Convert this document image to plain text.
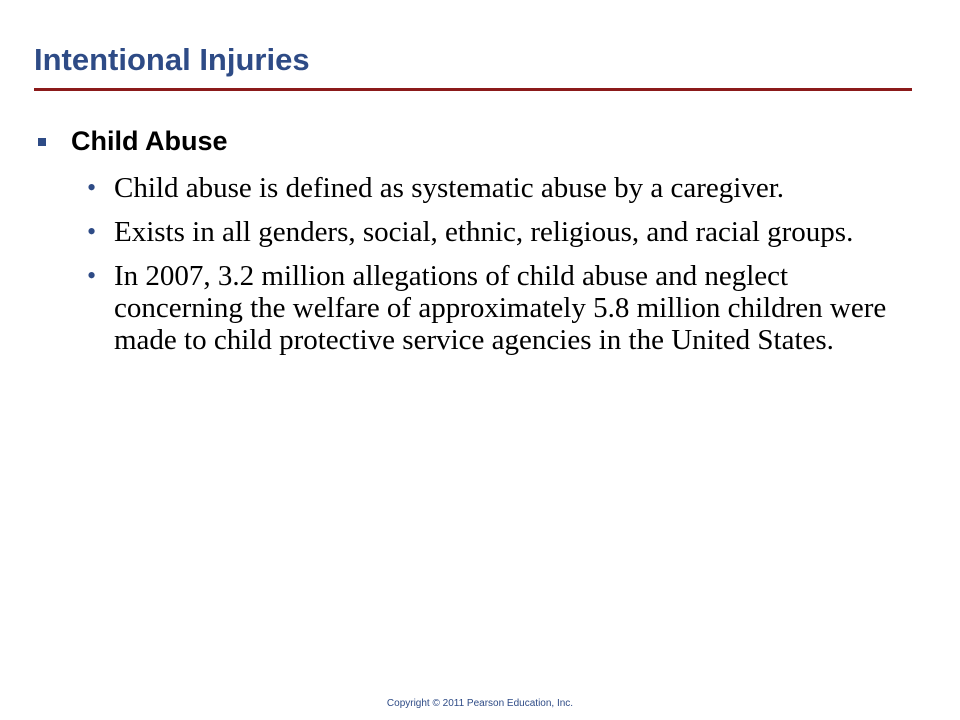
Intentional Injuries
Child Abuse
• Child abuse is defined as systematic abuse by a caregiver.
• Exists in all genders, social, ethnic, religious, and racial groups.
• In 2007, 3.2 million allegations of child abuse and neglect concerning the welfare of approximately 5.8 million children were made to child protective service agencies in the United States.
Copyright © 2011 Pearson Education, Inc.
